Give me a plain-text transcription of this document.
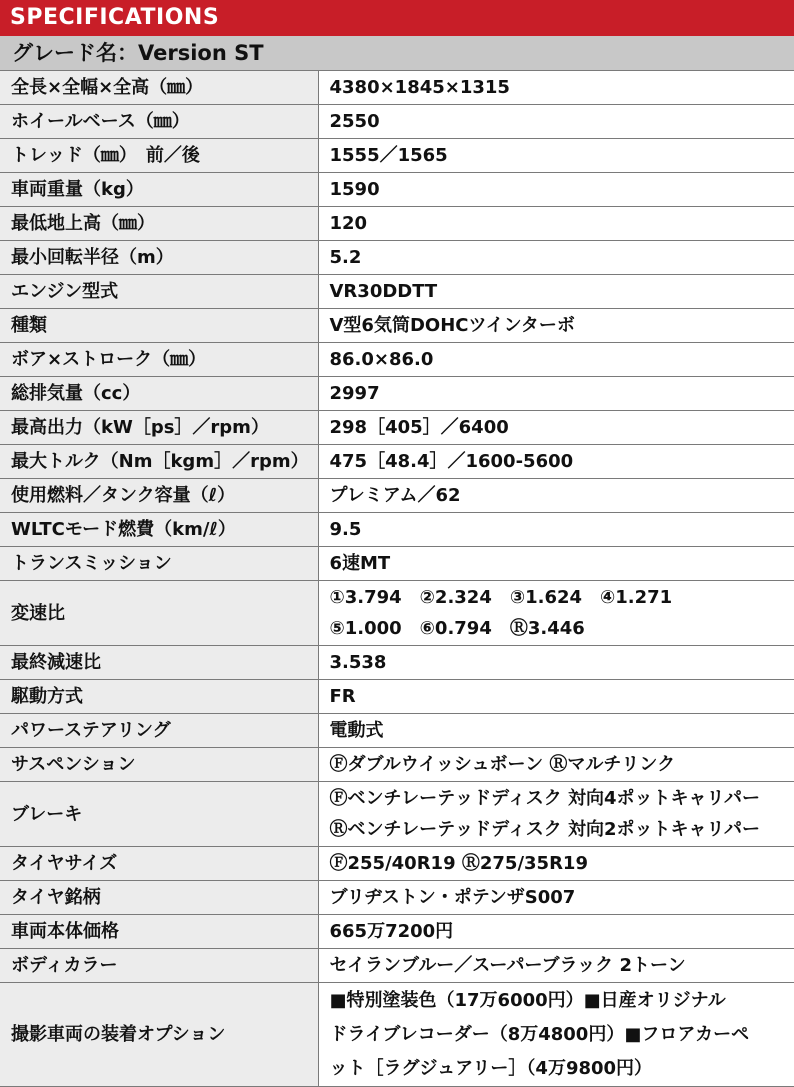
SPECIFICATIONS
グレード名：Version ST
全長×全幅×全高（㎜）	4380×1845×1315

ホイールベース（㎜）	2550

トレッド（㎜）　前／後	1555／1565

車両重量（kg）	1590

最低地上高（㎜）	120

最小回転半径（m）	5.2

エンジン型式	VR30DDTT

種類	V型6気筒DOHCツインターボ

ボア×ストローク（㎜）	86.0×86.0

総排気量（cc）	2997

最高出力（kW［ps］／rpm）	298［405］／6400

最大トルク（Nm［kgm］／rpm）	475［48.4］／1600-5600

使用燃料／タンク容量（ℓ）	プレミアム／62

WLTCモード燃費（km/ℓ）	9.5

トランスミッション	6速MT

変速比	①3.794　②2.324　③1.624　④1.271
⑤1.000　⑥0.794　Ⓡ3.446

最終減速比	3.538

駆動方式	FR

パワーステアリング	電動式

サスペンション	Ⓕダブルウイッシュボーン Ⓡマルチリンク

ブレーキ	Ⓕベンチレーテッドディスク 対向4ポットキャリパー
Ⓡベンチレーテッドディスク 対向2ポットキャリパー

タイヤサイズ	Ⓕ255/40R19 Ⓡ275/35R19

タイヤ銘柄	ブリヂストン・ポテンザS007

車両本体価格	665万7200円

ボディカラー	セイランブルー／スーパーブラック 2トーン

撮影車両の装着オプション	■特別塗装色（17万6000円）■日産オリジナル
ドライブレコーダー（8万4800円）■フロアカーペ
ット［ラグジュアリー］（4万9800円）
